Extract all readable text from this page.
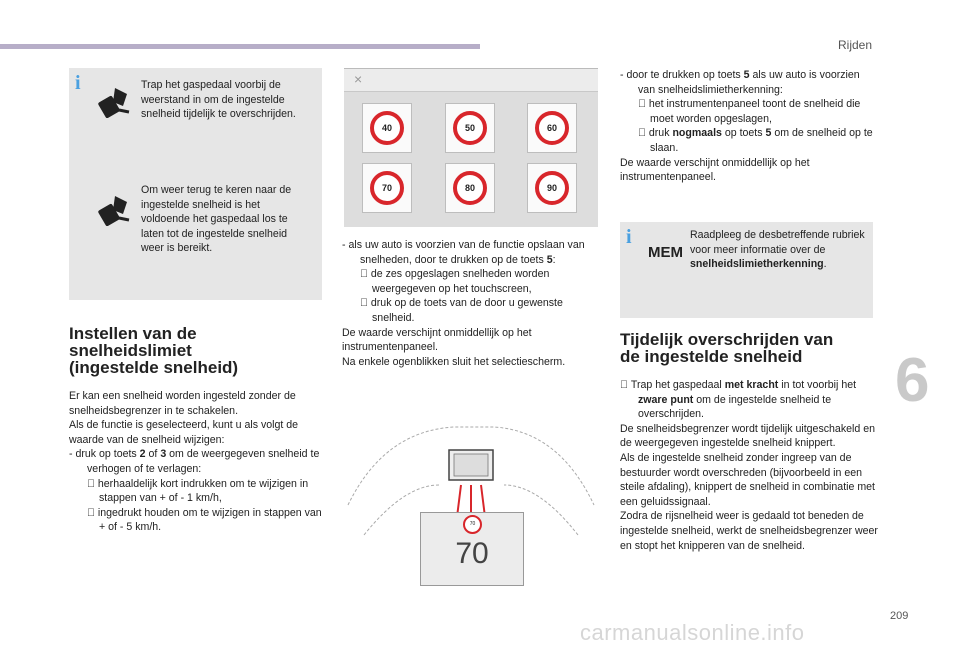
Rijden
6
209
carmanualsonline.info
i	Trap het gaspedaal voorbij de weerstand in om de ingestelde snelheid tijdelijk te overschrijden.
Om weer terug te keren naar de ingestelde snelheid is het voldoende het gaspedaal los te laten tot de ingestelde snelheid weer is bereikt.
Instellen van de
snelheidslimiet
(ingestelde snelheid)

Er kan een snelheid worden ingesteld zonder de snelheidsbegrenzer in te schakelen.

Als de functie is geselecteerd, kunt u als volgt de waarde van de snelheid wijzigen:

- druk op toets 2 of 3 om de weergegeven snelheid te verhogen of te verlagen:

herhaaldelijk kort indrukken om te wijzigen in stappen van + of - 1 km/h,

ingedrukt houden om te wijzigen in stappen van + of - 5 km/h.

×
40	50	60
70	80	90

- als uw auto is voorzien van de functie opslaan van snelheden, door te drukken op de toets 5:

de zes opgeslagen snelheden worden weergegeven op het touchscreen,

druk op de toets van de door u gewenste snelheid.

De waarde verschijnt onmiddellijk op het instrumentenpaneel.

Na enkele ogenblikken sluit het selectiescherm.

70
70

- door te drukken op toets 5 als uw auto is voorzien van snelheidslimietherkenning:

het instrumentenpaneel toont de snelheid die moet worden opgeslagen,

druk nogmaals op toets 5 om de snelheid op te slaan.

De waarde verschijnt onmiddellijk op het instrumentenpaneel.

i
MEM
Raadpleeg de desbetreffende rubriek voor meer informatie over de snelheidslimietherkenning.
Tijdelijk overschrijden van
de ingestelde snelheid

Trap het gaspedaal met kracht in tot voorbij het zware punt om de ingestelde snelheid te overschrijden.

De snelheidsbegrenzer wordt tijdelijk uitgeschakeld en de weergegeven ingestelde snelheid knippert.

Als de ingestelde snelheid zonder ingreep van de bestuurder wordt overschreden (bijvoorbeeld in een steile afdaling), knippert de snelheid in combinatie met een geluidssignaal.

Zodra de rijsnelheid weer is gedaald tot beneden de ingestelde snelheid, werkt de snelheidsbegrenzer weer en stopt het knipperen van de snelheid.
